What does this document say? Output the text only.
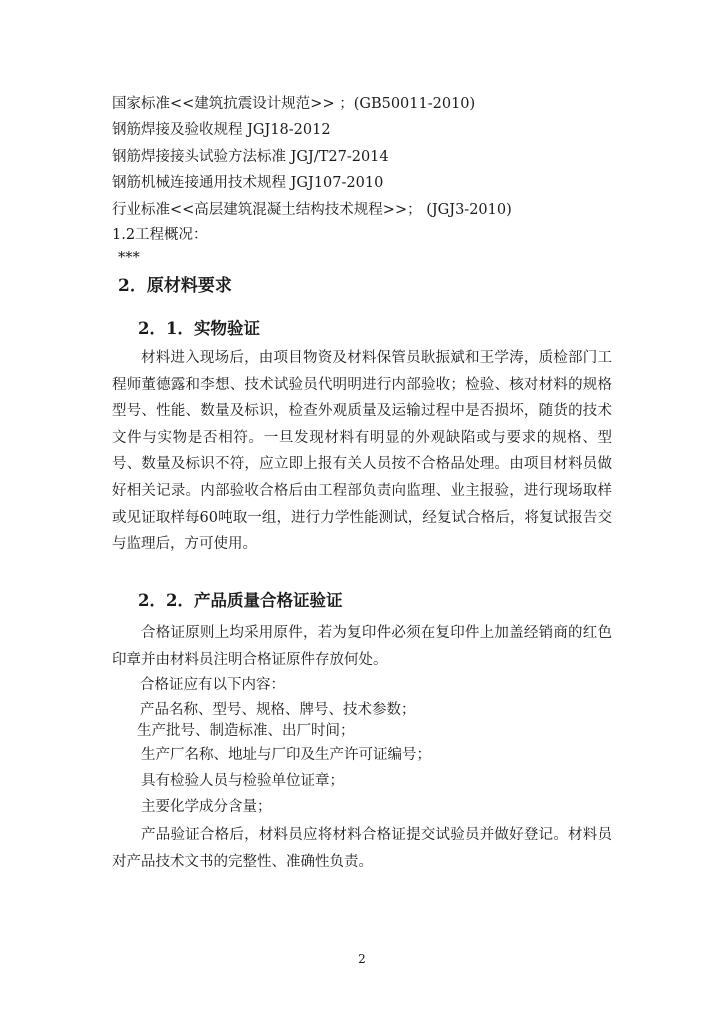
国家标准<<建筑抗震设计规范>> ；(GB50011-2010)
钢筋焊接及验收规程 JGJ18-2012
钢筋焊接接头试验方法标准 JGJ/T27-2014
钢筋机械连接通用技术规程 JGJ107-2010
行业标准<<高层建筑混凝土结构技术规程>>； (JGJ3-2010)
1.2工程概况：
***
2．原材料要求
2．1．实物验证
材料进入现场后，由项目物资及材料保管员耿振斌和王学涛，质检部门工程师董德露和李想、技术试验员代明明进行内部验收；检验、核对材料的规格型号、性能、数量及标识，检查外观质量及运输过程中是否损坏，随货的技术文件与实物是否相符。一旦发现材料有明显的外观缺陷或与要求的规格、型号、数量及标识不符，应立即上报有关人员按不合格品处理。由项目材料员做好相关记录。内部验收合格后由工程部负责向监理、业主报验，进行现场取样或见证取样每60吨取一组，进行力学性能测试，经复试合格后，将复试报告交与监理后，方可使用。
2．2．产品质量合格证验证
合格证原则上均采用原件，若为复印件必须在复印件上加盖经销商的红色印章并由材料员注明合格证原件存放何处。
合格证应有以下内容：
产品名称、型号、规格、牌号、技术参数；
生产批号、制造标准、出厂时间；
生产厂名称、地址与厂印及生产许可证编号；
具有检验人员与检验单位证章；
主要化学成分含量；
产品验证合格后，材料员应将材料合格证提交试验员并做好登记。材料员对产品技术文书的完整性、准确性负责。
2
